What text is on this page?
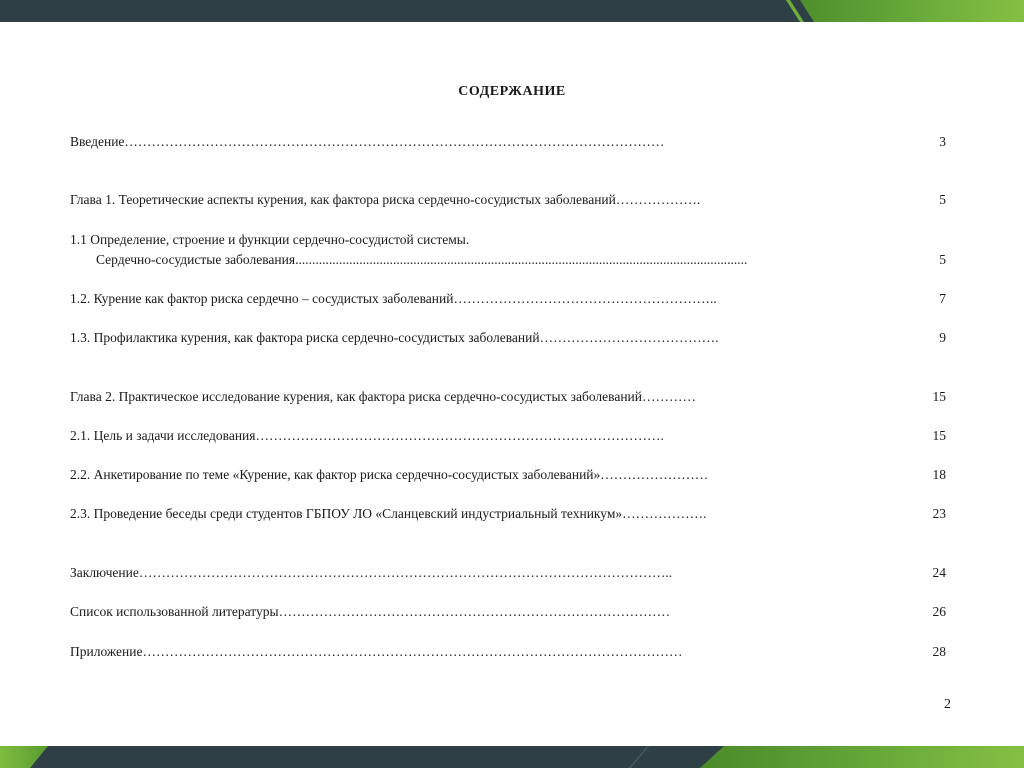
СОДЕРЖАНИЕ
Введение …………………………………………………………………………………………………………	3
Глава 1. Теоретические аспекты курения, как фактора риска сердечно-сосудистых заболеваний ……………….	5
1.1 Определение, строение и функции сердечно-сосудистой системы.
Сердечно-сосудистые заболевания ......................................................................................................................................	5
1.2. Курение как фактор риска сердечно – сосудистых заболеваний …………………………………………………..	7
1.3. Профилактика курения, как фактора риска сердечно-сосудистых заболеваний ………………………………….	9
Глава 2. Практическое исследование курения, как фактора риска сердечно-сосудистых заболеваний …………	15
2.1. Цель и задачи исследования ……………………………………………………………………………….	15
2.2. Анкетирование по теме «Курение, как фактор риска сердечно-сосудистых заболеваний» ……………………	18
2.3. Проведение беседы среди студентов ГБПОУ ЛО «Сланцевский индустриальный техникум» ……………….	23
Заключение ………………………………………………………………………………………………………..	24
Список использованной литературы ……………………………………………………………………………	26
Приложение …………………………………………………………………………………………………………	28
2
